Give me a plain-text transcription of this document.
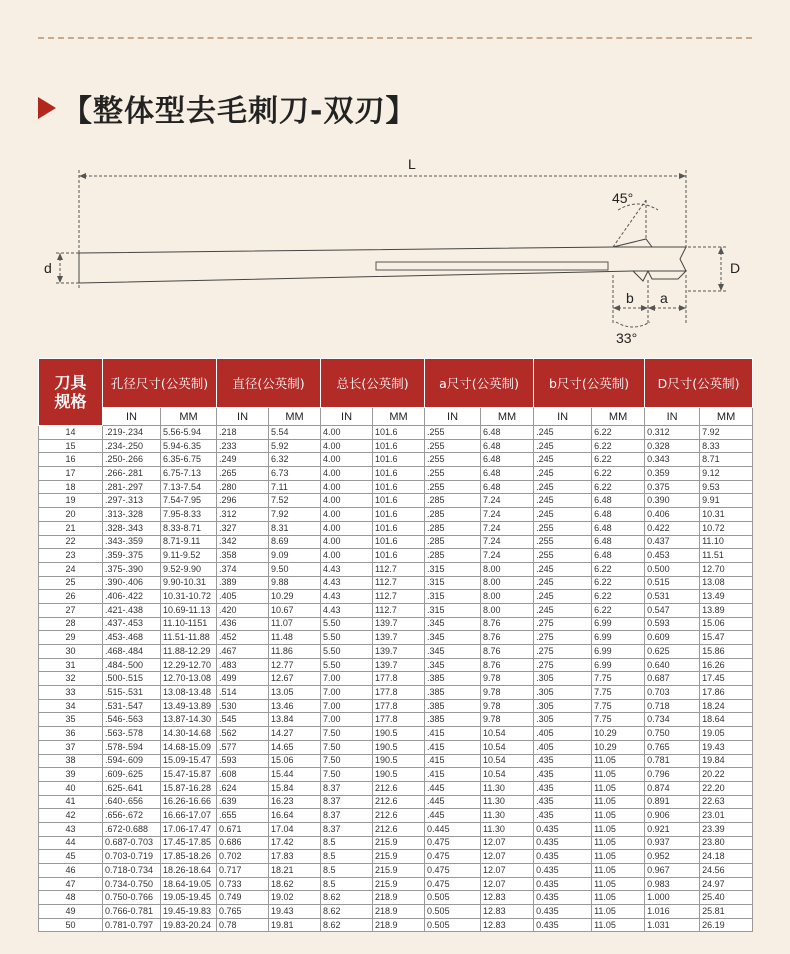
【整体型去毛刺刀-双刃】
L
d	D
45°
b a
33°
刀具
规格	孔径尺寸(公英制)		直径(公英制)		总长(公英制)		a尺寸(公英制)		b尺寸(公英制)		D尺寸(公英制)	
	IN	MM	IN	MM	IN	MM	IN	MM	IN	MM	IN	MM
14	.219-.234	5.56-5.94	.218	5.54	4.00	101.6	.255	6.48	.245	6.22	0.312	7.92
15	.234-.250	5.94-6.35	.233	5.92	4.00	101.6	.255	6.48	.245	6.22	0.328	8.33
16	.250-.266	6.35-6.75	.249	6.32	4.00	101.6	.255	6.48	.245	6.22	0.343	8.71
17	.266-.281	6.75-7.13	.265	6.73	4.00	101.6	.255	6.48	.245	6.22	0.359	9.12
18	.281-.297	7.13-7.54	.280	7.11	4.00	101.6	.255	6.48	.245	6.22	0.375	9.53
19	.297-.313	7.54-7.95	.296	7.52	4.00	101.6	.285	7.24	.245	6.48	0.390	9.91
20	.313-.328	7.95-8.33	.312	7.92	4.00	101.6	.285	7.24	.245	6.48	0.406	10.31
21	.328-.343	8.33-8.71	.327	8.31	4.00	101.6	.285	7.24	.255	6.48	0.422	10.72
22	.343-.359	8.71-9.11	.342	8.69	4.00	101.6	.285	7.24	.255	6.48	0.437	11.10
23	.359-.375	9.11-9.52	.358	9.09	4.00	101.6	.285	7.24	.255	6.48	0.453	11.51
24	.375-.390	9.52-9.90	.374	9.50	4.43	112.7	.315	8.00	.245	6.22	0.500	12.70
25	.390-.406	9.90-10.31	.389	9.88	4.43	112.7	.315	8.00	.245	6.22	0.515	13.08
26	.406-.422	10.31-10.72	.405	10.29	4.43	112.7	.315	8.00	.245	6.22	0.531	13.49
27	.421-.438	10.69-11.13	.420	10.67	4.43	112.7	.315	8.00	.245	6.22	0.547	13.89
28	.437-.453	11.10-1151	.436	11.07	5.50	139.7	.345	8.76	.275	6.99	0.593	15.06
29	.453-.468	11.51-11.88	.452	11.48	5.50	139.7	.345	8.76	.275	6.99	0.609	15.47
30	.468-.484	11.88-12.29	.467	11.86	5.50	139.7	.345	8.76	.275	6.99	0.625	15.86
31	.484-.500	12.29-12.70	.483	12.77	5.50	139.7	.345	8.76	.275	6.99	0.640	16.26
32	.500-.515	12.70-13.08	.499	12.67	7.00	177.8	.385	9.78	.305	7.75	0.687	17.45
33	.515-.531	13.08-13.48	.514	13.05	7.00	177.8	.385	9.78	.305	7.75	0.703	17.86
34	.531-.547	13.49-13.89	.530	13.46	7.00	177.8	.385	9.78	.305	7.75	0.718	18.24
35	.546-.563	13.87-14.30	.545	13.84	7.00	177.8	.385	9.78	.305	7.75	0.734	18.64
36	.563-.578	14.30-14.68	.562	14.27	7.50	190.5	.415	10.54	.405	10.29	0.750	19.05
37	.578-.594	14.68-15.09	.577	14.65	7.50	190.5	.415	10.54	.405	10.29	0.765	19.43
38	.594-.609	15.09-15.47	.593	15.06	7.50	190.5	.415	10.54	.435	11.05	0.781	19.84
39	.609-.625	15.47-15.87	.608	15.44	7.50	190.5	.415	10.54	.435	11.05	0.796	20.22
40	.625-.641	15.87-16.28	.624	15.84	8.37	212.6	.445	11.30	.435	11.05	0.874	22.20
41	.640-.656	16.26-16.66	.639	16.23	8.37	212.6	.445	11.30	.435	11.05	0.891	22.63
42	.656-.672	16.66-17.07	.655	16.64	8.37	212.6	.445	11.30	.435	11.05	0.906	23.01
43	.672-0.688	17.06-17.47	0.671	17.04	8.37	212.6	0.445	11.30	0.435	11.05	0.921	23.39
44	0.687-0.703	17.45-17.85	0.686	17.42	8.5	215.9	0.475	12.07	0.435	11.05	0.937	23.80
45	0.703-0.719	17.85-18.26	0.702	17.83	8.5	215.9	0.475	12.07	0.435	11.05	0.952	24.18
46	0.718-0.734	18.26-18.64	0.717	18.21	8.5	215.9	0.475	12.07	0.435	11.05	0.967	24.56
47	0.734-0.750	18.64-19.05	0.733	18.62	8.5	215.9	0.475	12.07	0.435	11.05	0.983	24.97
48	0.750-0.766	19.05-19.45	0.749	19.02	8.62	218.9	0.505	12.83	0.435	11.05	1.000	25.40
49	0.766-0.781	19.45-19.83	0.765	19.43	8.62	218.9	0.505	12.83	0.435	11.05	1.016	25.81
50	0.781-0.797	19.83-20.24	0.78	19.81	8.62	218.9	0.505	12.83	0.435	11.05	1.031	26.19
